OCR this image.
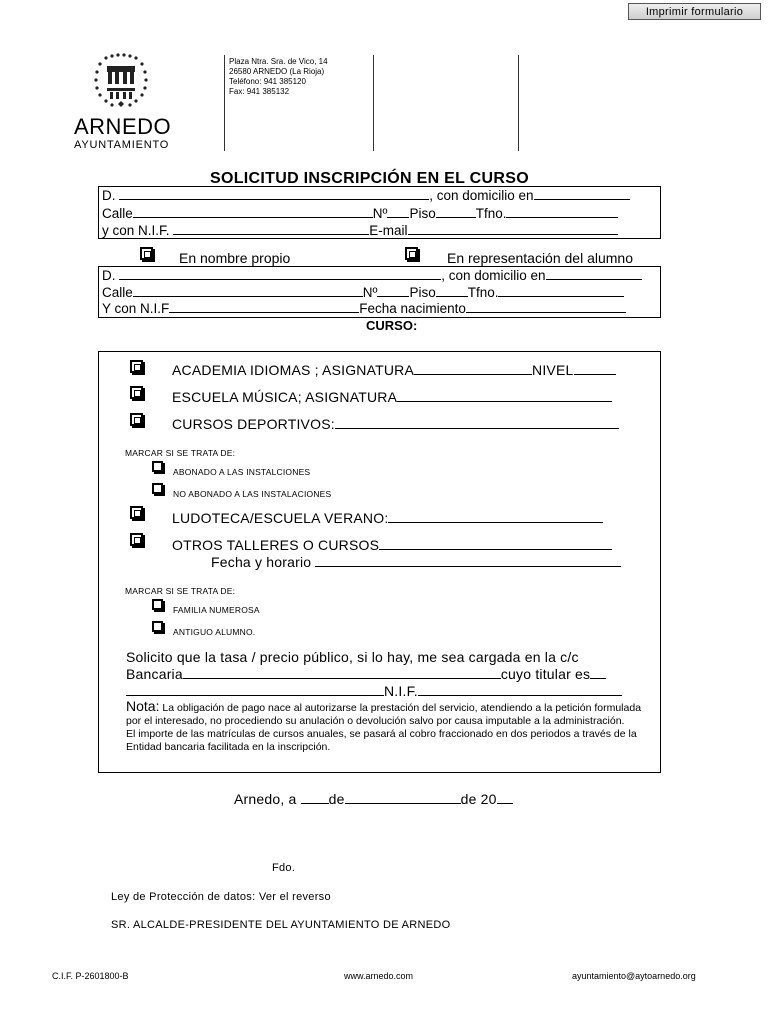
Imprimir formulario
ARNEDO
AYUNTAMIENTO
Plaza Ntra. Sra. de Vico, 14
26580 ARNEDO (La Rioja)
Teléfono: 941 385120
Fax: 941 385132
SOLICITUD INSCRIPCIÓN EN EL CURSO
D.	, con domicilio en
Calle	Nº Piso	Tfno.
y con N.I.F.	E-mail
En nombre propio	En representación del alumno
D.	, con domicilio en
Calle	Nº Piso Tfno.
Y con N.I.F	Fecha nacimiento
CURSO:
ACADEMIA IDIOMAS ; ASIGNATURA	NIVEL
ESCUELA MÚSICA; ASIGNATURA
CURSOS DEPORTIVOS:
MARCAR SI SE TRATA DE:
ABONADO A LAS INSTALCIONES
NO ABONADO A LAS INSTALACIONES
LUDOTECA/ESCUELA VERANO:
OTROS TALLERES O CURSOS
Fecha y horario
MARCAR SI SE TRATA DE:
FAMILIA NUMEROSA
ANTIGUO ALUMNO.
Solicito que la tasa / precio público, si lo hay, me sea cargada en la c/c
Bancaria	cuyo titular es
N.I.F.
Nota: La obligación de pago nace al autorizarse la prestación del servicio, atendiendo a la petición formulada por el interesado, no procediendo su anulación o devolución salvo por causa imputable a la administración.
El importe de las matrículas de cursos anuales, se pasará al cobro fraccionado en dos periodos a través de la Entidad bancaria facilitada en la inscripción.
Arnedo, a de	de 20
Fdo.
Ley de Protección de datos: Ver el reverso
SR. ALCALDE-PRESIDENTE DEL AYUNTAMIENTO DE ARNEDO
C.I.F. P-2601800-B	www.arnedo.com	ayuntamiento@aytoarnedo.org
